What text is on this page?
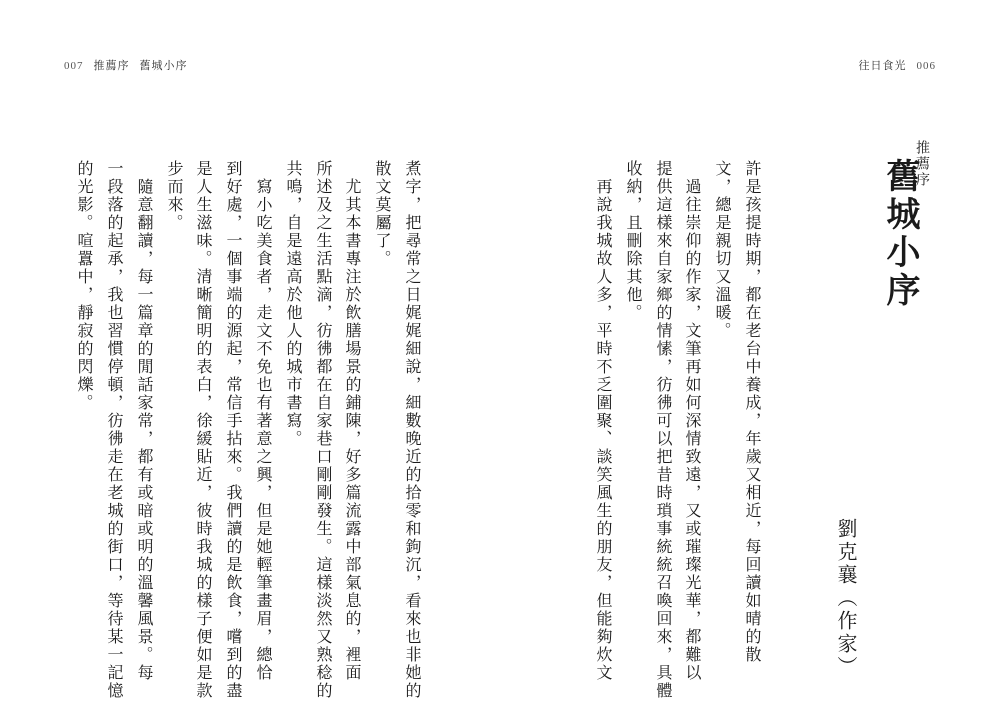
007 推薦序 舊城小序	往日食光 006
推薦序
舊城小序
劉克襄（作家）
許是孩提時期，都在老台中養成，年歲又相近，每回讀如晴的散
文，總是親切又溫暖。
　過往崇仰的作家，文筆再如何深情致遠，又或璀璨光華，都難以
提供這樣來自家鄉的情愫，彷彿可以把昔時瑣事統統召喚回來，具體
收納，且刪除其他。
　再說我城故人多，平時不乏圍聚、談笑風生的朋友，但能夠炊文
煮字，把尋常之日娓娓細說，細數晚近的拾零和鉤沉，看來也非她的
散文莫屬了。
　尤其本書專注於飲膳場景的鋪陳，好多篇流露中部氣息的，裡面
所述及之生活點滴，彷彿都在自家巷口剛剛發生。這樣淡然又熟稔的
共鳴，自是遠高於他人的城市書寫。
　寫小吃美食者，走文不免也有著意之興，但是她輕筆畫眉，總恰
到好處，一個事端的源起，常信手拈來。我們讀的是飲食，嚐到的盡
是人生滋味。清晰簡明的表白，徐緩貼近，彼時我城的樣子便如是款
步而來。
　隨意翻讀，每一篇章的閒話家常，都有或暗或明的溫馨風景。每
一段落的起承，我也習慣停頓，彷彿走在老城的街口，等待某一記憶
的光影。喧囂中，靜寂的閃爍。
